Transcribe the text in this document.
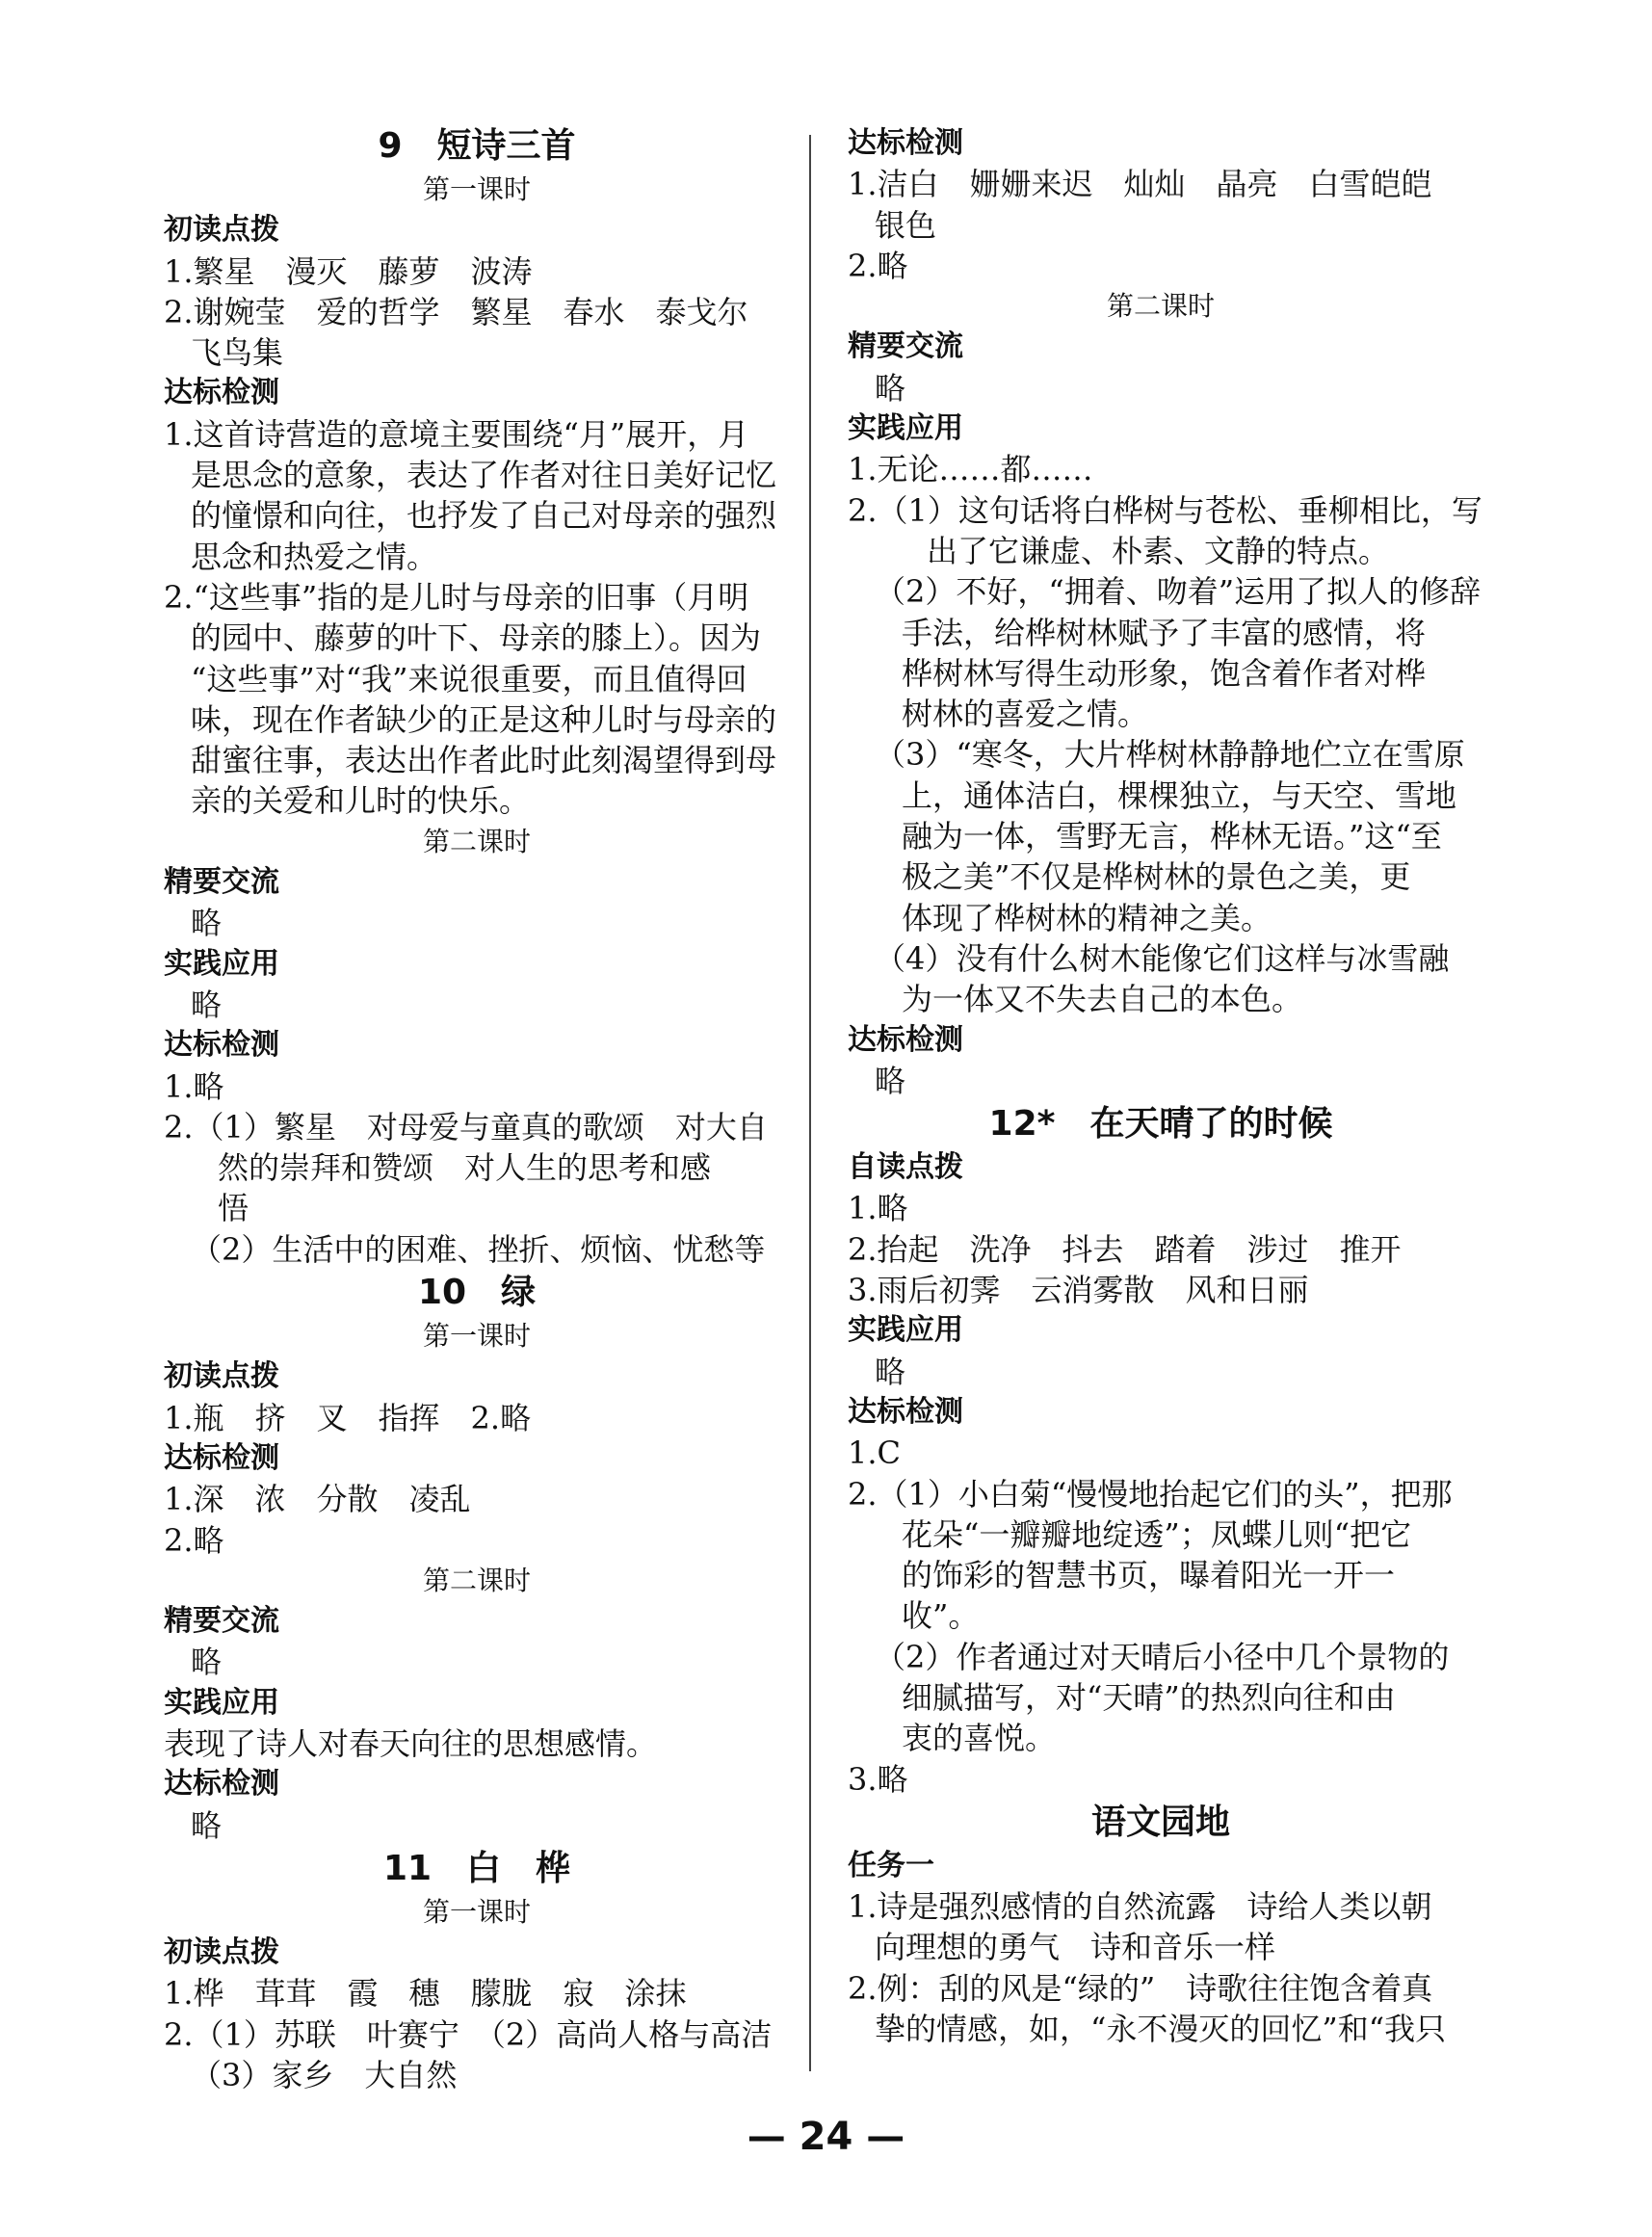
9　短诗三首
第一课时
初读点拨
1.繁星　漫灭　藤萝　波涛
2.谢婉莹　爱的哲学　繁星　春水　泰戈尔
飞鸟集
达标检测
1.这首诗营造的意境主要围绕“月”展开，月
是思念的意象，表达了作者对往日美好记忆
的憧憬和向往，也抒发了自己对母亲的强烈
思念和热爱之情。
2.“这些事”指的是儿时与母亲的旧事（月明
的园中、藤萝的叶下、母亲的膝上）。因为
“这些事”对“我”来说很重要，而且值得回
味，现在作者缺少的正是这种儿时与母亲的
甜蜜往事，表达出作者此时此刻渴望得到母
亲的关爱和儿时的快乐。
第二课时
精要交流
略
实践应用
略
达标检测
1.略
2.（1）繁星　对母爱与童真的歌颂　对大自
然的崇拜和赞颂　对人生的思考和感
悟
（2）生活中的困难、挫折、烦恼、忧愁等
10　绿
第一课时
初读点拨
1.瓶　挤　叉　指挥　2.略
达标检测
1.深　浓　分散　凌乱
2.略
第二课时
精要交流
略
实践应用
表现了诗人对春天向往的思想感情。
达标检测
略
11　白　桦
第一课时
初读点拨
1.桦　茸茸　霞　穗　朦胧　寂　涂抹
2.（1）苏联　叶赛宁　（2）高尚人格与高洁
（3）家乡　大自然
达标检测
1.洁白　姗姗来迟　灿灿　晶亮　白雪皑皑
银色
2.略
第二课时
精要交流
略
实践应用
1.无论……都……
2.（1）这句话将白桦树与苍松、垂柳相比，写
出了它谦虚、朴素、文静的特点。
（2）不好，“拥着、吻着”运用了拟人的修辞
手法，给桦树林赋予了丰富的感情，将
桦树林写得生动形象，饱含着作者对桦
树林的喜爱之情。
（3）“寒冬，大片桦树林静静地伫立在雪原
上，通体洁白，棵棵独立，与天空、雪地
融为一体，雪野无言，桦林无语。”这“至
极之美”不仅是桦树林的景色之美，更
体现了桦树林的精神之美。
（4）没有什么树木能像它们这样与冰雪融
为一体又不失去自己的本色。
达标检测
略
12*　在天晴了的时候
自读点拨
1.略
2.抬起　洗净　抖去　踏着　涉过　推开
3.雨后初霁　云消雾散　风和日丽
实践应用
略
达标检测
1.C
2.（1）小白菊“慢慢地抬起它们的头”，把那
花朵“一瓣瓣地绽透”；凤蝶儿则“把它
的饰彩的智慧书页，曝着阳光一开一
收”。
（2）作者通过对天晴后小径中几个景物的
细腻描写，对“天晴”的热烈向往和由
衷的喜悦。
3.略
语文园地
任务一
1.诗是强烈感情的自然流露　诗给人类以朝
向理想的勇气　诗和音乐一样
2.例：刮的风是“绿的”　诗歌往往饱含着真
挚的情感，如，“永不漫灭的回忆”和“我只
— 24 —
